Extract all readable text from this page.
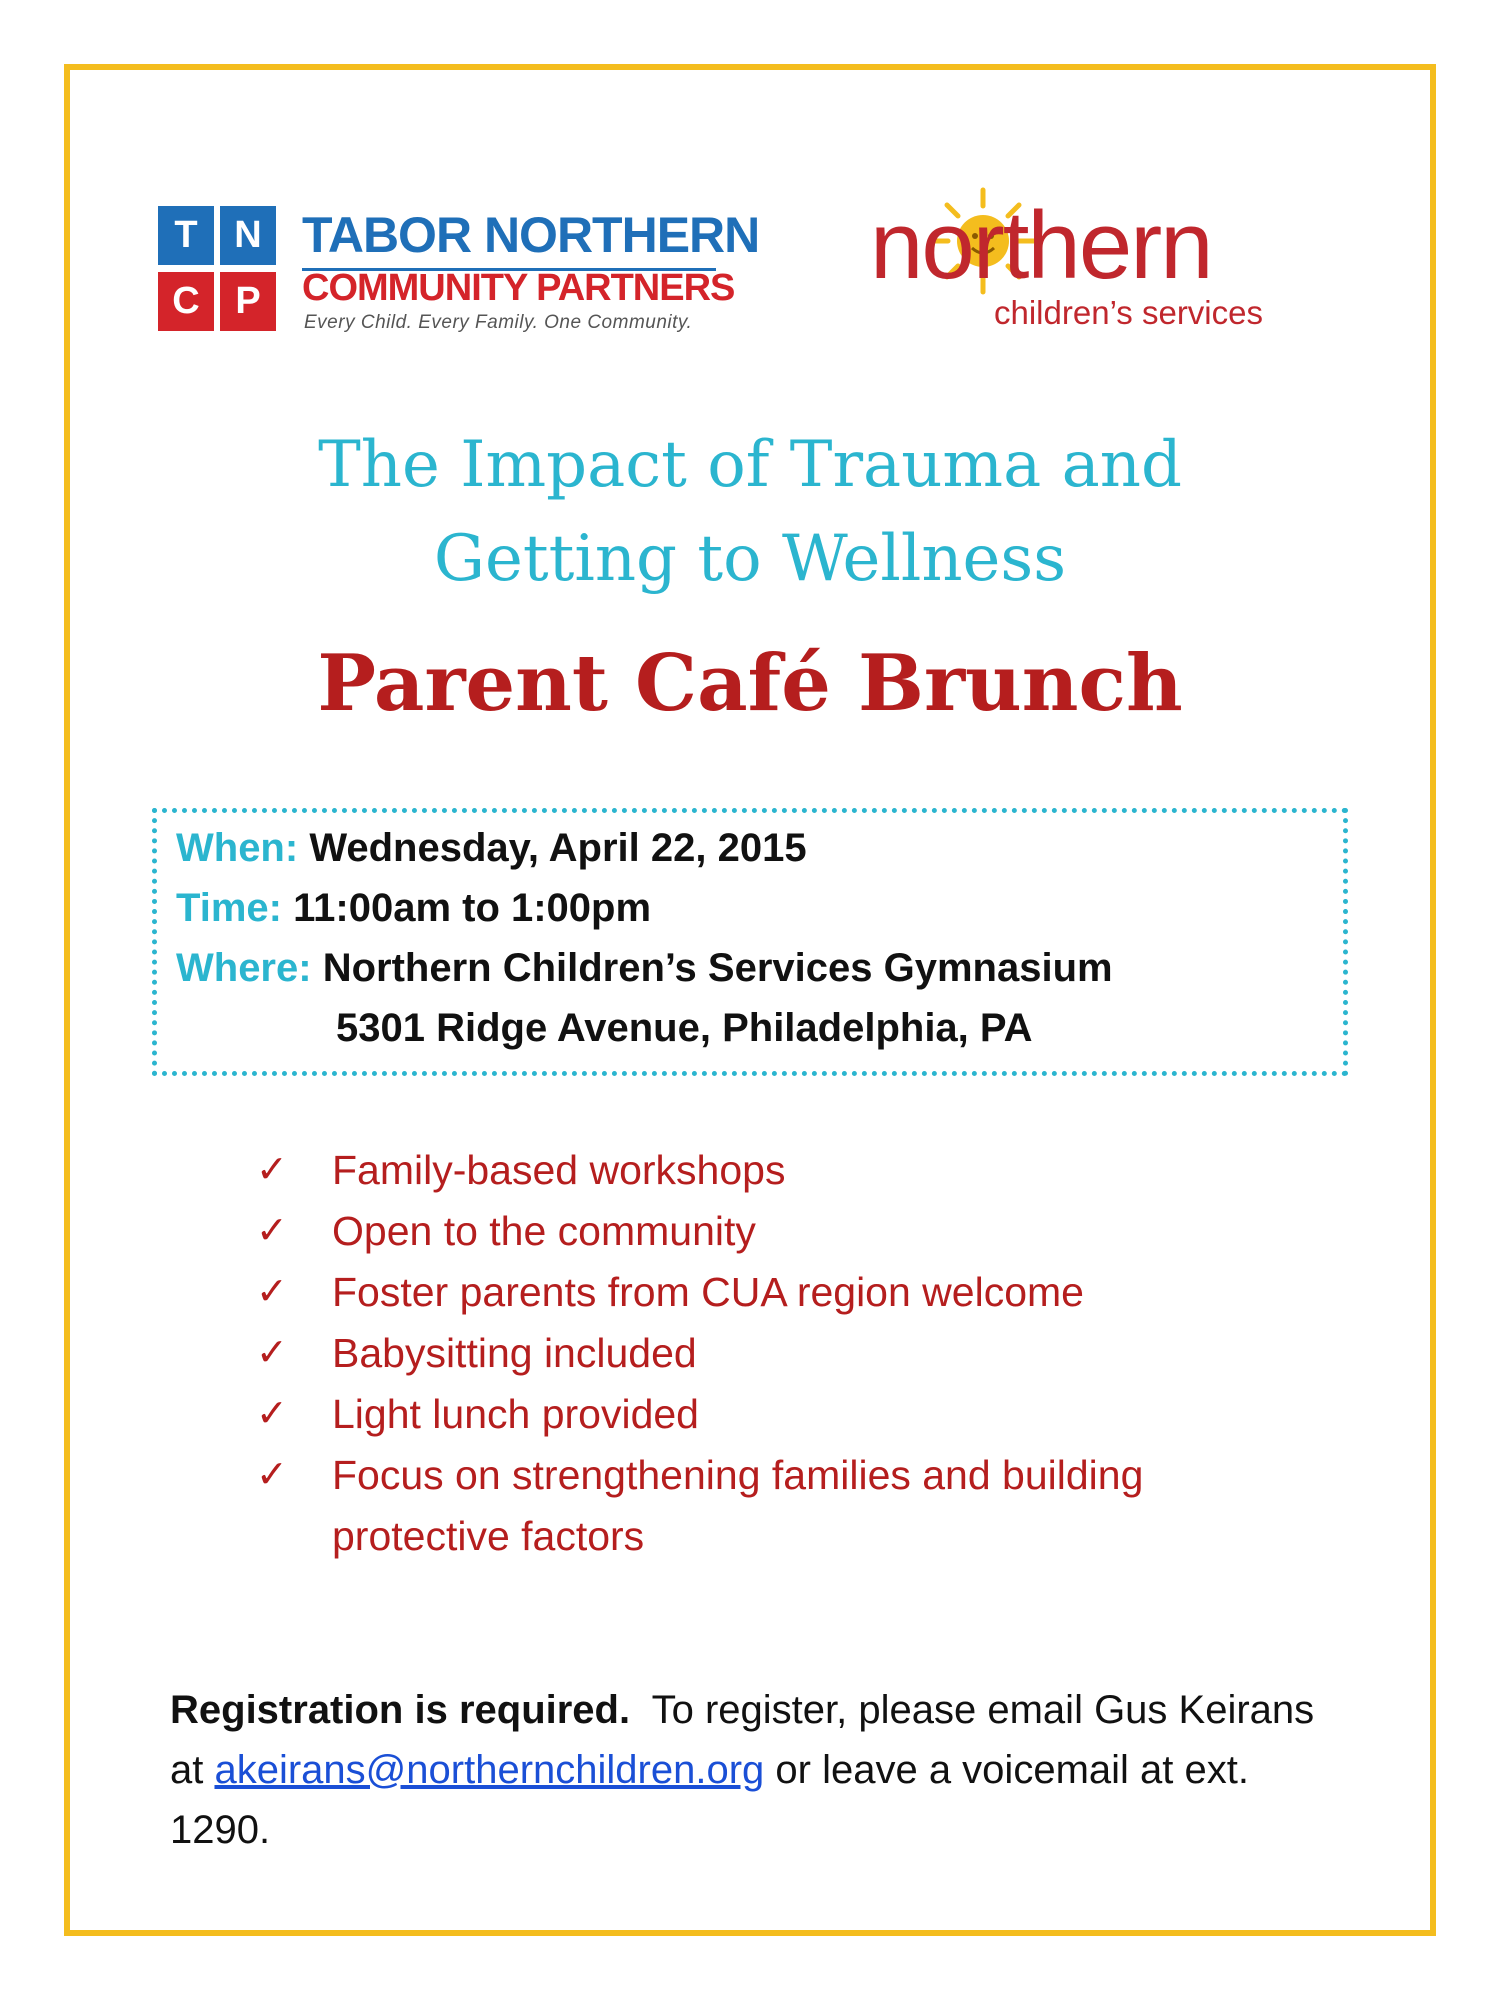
T N
C P
TABOR NORTHERN
COMMUNITY PARTNERS
Every Child. Every Family. One Community.
northern
children’s services
The Impact of Trauma and
Getting to Wellness
Parent Café Brunch
When: Wednesday, April 22, 2015
Time: 11:00am to 1:00pm
Where: Northern Children’s Services Gymnasium
5301 Ridge Avenue, Philadelphia, PA
✓ Family-based workshops
✓ Open to the community
✓ Foster parents from CUA region welcome
✓ Babysitting included
✓ Light lunch provided
✓ Focus on strengthening families and building protective factors
Registration is required. To register, please email Gus Keirans at akeirans@northernchildren.org or leave a voicemail at ext. 1290.
